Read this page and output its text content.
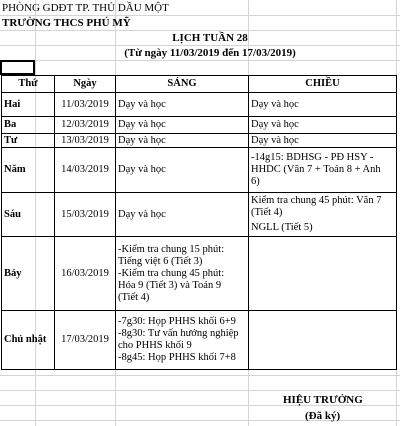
PHÒNG GDĐT TP. THỦ DẦU MỘT
TRƯỜNG THCS PHÚ MỸ
LỊCH TUẦN 28
(Từ ngày 11/03/2019 đến 17/03/2019)
Thứ	Ngày	SÁNG	CHIỀU
Hai	11/03/2019	Dạy và học	Dạy và học

Ba	12/03/2019	Dạy và học	Dạy và học

Tư	13/03/2019	Dạy và học	Dạy và học

Năm	14/03/2019	Dạy và học	-14g15: BDHSG - PĐ HSY -
HHDC (Văn 7 + Toán 8 + Anh
6)

Sáu	15/03/2019	Dạy và học	Kiểm tra chung 45 phút: Văn 7
(Tiết 4)
NGLL (Tiết 5)

Bảy	16/03/2019	-Kiểm tra chung 15 phút:
Tiếng việt 6 (Tiết 3)
-Kiểm tra chung 45 phút:
Hóa 9 (Tiết 3) và Toán 9
(Tiết 4)	

Chủ nhật	17/03/2019	-7g30: Họp PHHS khối 6+9
-8g30: Tư vấn hướng nghiệp
cho PHHS khối 9
-8g45: Họp PHHS khối 7+8	

HIỆU TRƯỞNG
(Đã ký)
